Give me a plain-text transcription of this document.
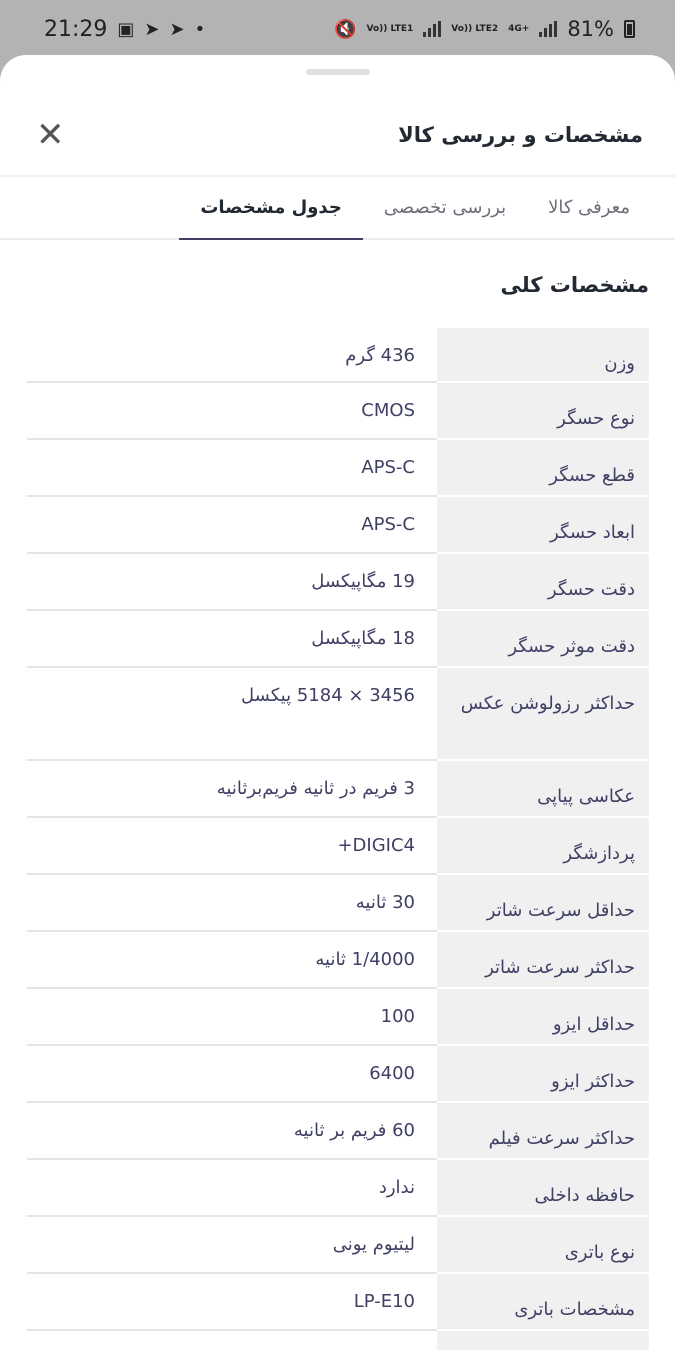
21:29 ▣ ➤ ➤ •	🔇 Vo)) LTE1	Vo)) LTE2 4G+ 81%
مشخصات و بررسی کالا
✕
معرفی کالا
بررسی تخصصی
جدول مشخصات
مشخصات کلی
وزن
436 گرم
نوع حسگر
CMOS
قطع حسگر
APS-C
ابعاد حسگر
APS-C
دقت حسگر
19 مگاپیکسل
دقت موثر حسگر
18 مگاپیکسل
حداکثر رزولوشن عکس
3456 × 5184 پیکسل
عکاسی پیاپی
3 فریم در ثانیه فریم‌برثانیه
پردازشگر
DIGIC4+
حداقل سرعت شاتر
30 ثانیه
حداکثر سرعت شاتر
1/4000 ثانیه
حداقل ایزو
100
حداکثر ایزو
6400
حداکثر سرعت فیلم
60 فریم بر ثانیه
حافظه داخلی
ندارد
نوع باتری
لیتیوم یونی
مشخصات باتری
LP-E10
